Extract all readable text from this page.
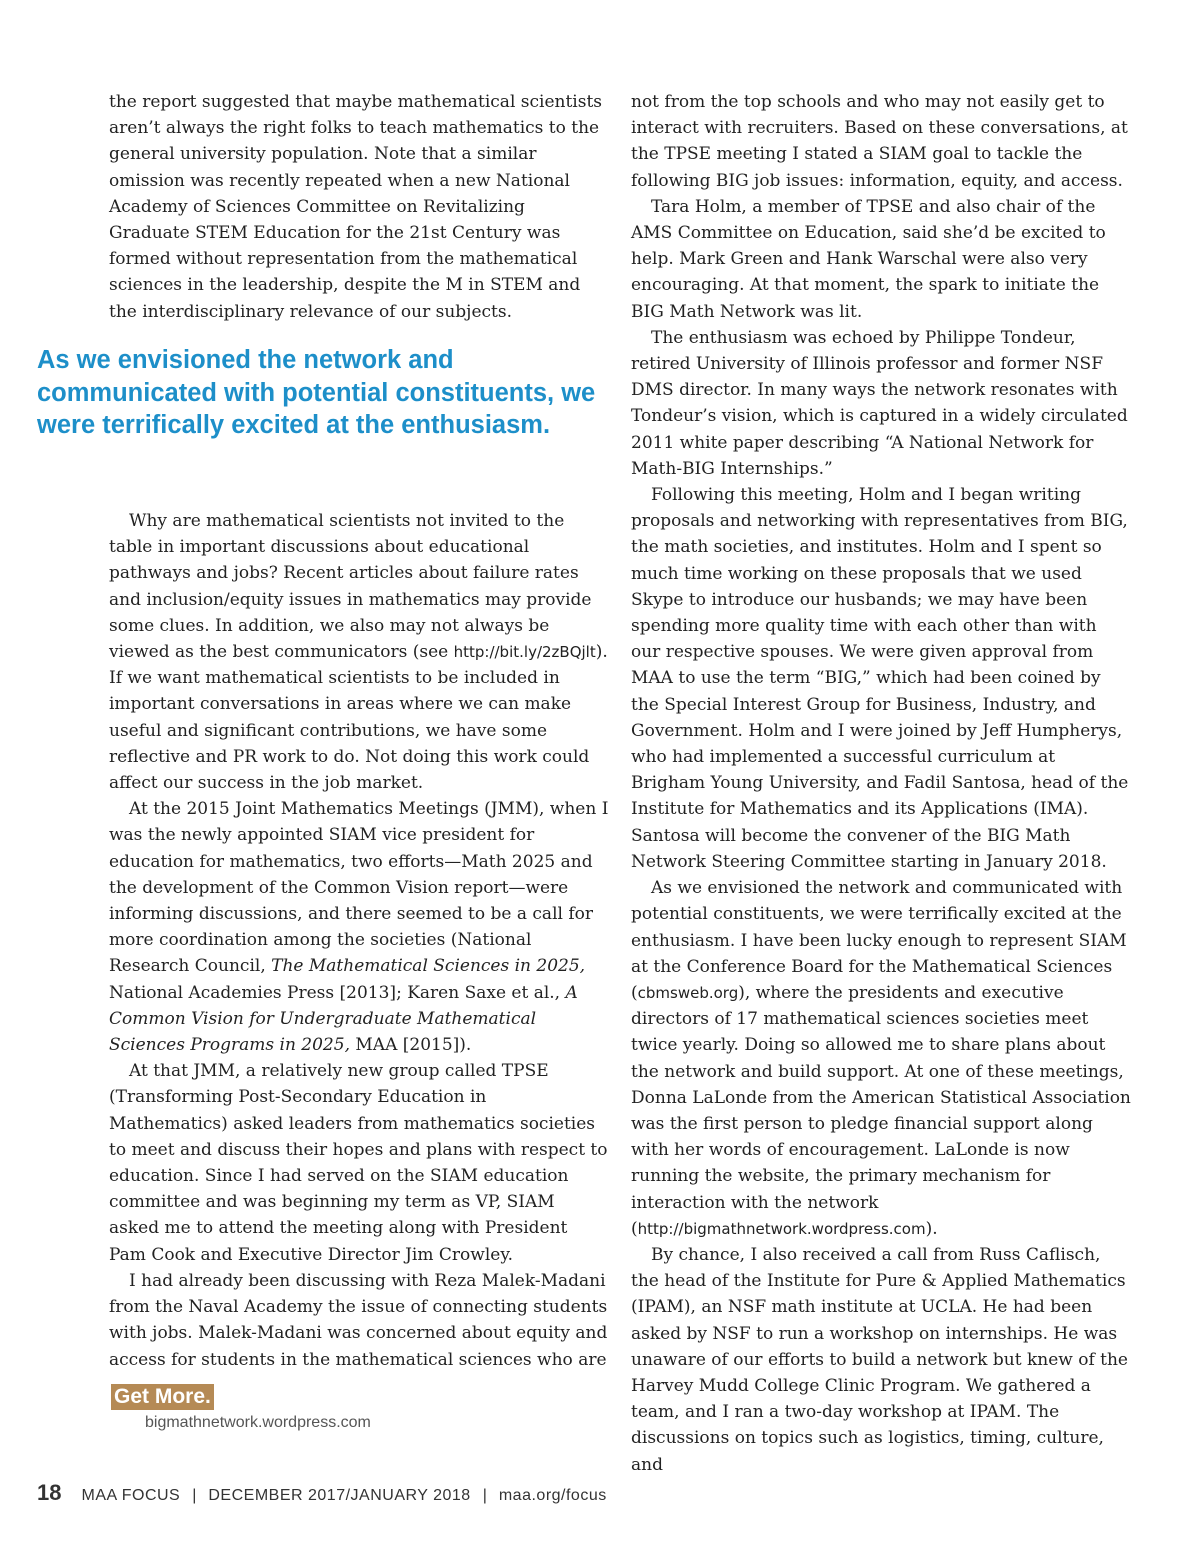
the report suggested that maybe mathematical scientists aren’t always the right folks to teach mathematics to the general university population. Note that a similar omission was recently repeated when a new National Academy of Sciences Committee on Revitalizing Graduate STEM Education for the 21st Century was formed without representation from the mathematical sciences in the leadership, despite the M in STEM and the interdisciplinary relevance of our subjects.

As we envisioned the network and communicated with potential constituents, we were terrifically excited at the enthusiasm.

Why are mathematical scientists not invited to the table in important discussions about educational pathways and jobs? Recent articles about failure rates and inclusion/equity issues in mathematics may provide some clues. In addition, we also may not always be viewed as the best communicators (see http://bit.ly/2zBQjlt). If we want mathematical scientists to be included in important conversations in areas where we can make useful and significant contributions, we have some reflective and PR work to do. Not doing this work could affect our success in the job market.

At the 2015 Joint Mathematics Meetings (JMM), when I was the newly appointed SIAM vice president for education for mathematics, two efforts—Math 2025 and the development of the Common Vision report—were informing discussions, and there seemed to be a call for more coordination among the societies (National Research Council, The Mathematical Sciences in 2025, National Academies Press [2013]; Karen Saxe et al., A Common Vision for Undergraduate Mathematical Sciences Programs in 2025, MAA [2015]).

At that JMM, a relatively new group called TPSE (Transforming Post-Secondary Education in Mathematics) asked leaders from mathematics societies to meet and discuss their hopes and plans with respect to education. Since I had served on the SIAM education committee and was beginning my term as VP, SIAM asked me to attend the meeting along with President Pam Cook and Executive Director Jim Crowley.

I had already been discussing with Reza Malek-Madani from the Naval Academy the issue of connecting students with jobs. Malek-Madani was concerned about equity and access for students in the mathematical sciences who are

not from the top schools and who may not easily get to interact with recruiters. Based on these conversations, at the TPSE meeting I stated a SIAM goal to tackle the following BIG job issues: information, equity, and access.

Tara Holm, a member of TPSE and also chair of the AMS Committee on Education, said she’d be excited to help. Mark Green and Hank Warschal were also very encouraging. At that moment, the spark to initiate the BIG Math Network was lit.

The enthusiasm was echoed by Philippe Tondeur, retired University of Illinois professor and former NSF DMS director. In many ways the network resonates with Tondeur’s vision, which is captured in a widely circulated 2011 white paper describing “A National Network for Math-BIG Internships.”

Following this meeting, Holm and I began writing proposals and networking with representatives from BIG, the math societies, and institutes. Holm and I spent so much time working on these proposals that we used Skype to introduce our husbands; we may have been spending more quality time with each other than with our respective spouses. We were given approval from MAA to use the term “BIG,” which had been coined by the Special Interest Group for Business, Industry, and Government. Holm and I were joined by Jeff Humpherys, who had implemented a successful curriculum at Brigham Young University, and Fadil Santosa, head of the Institute for Mathematics and its Applications (IMA). Santosa will become the convener of the BIG Math Network Steering Committee starting in January 2018.

As we envisioned the network and communicated with potential constituents, we were terrifically excited at the enthusiasm. I have been lucky enough to represent SIAM at the Conference Board for the Mathematical Sciences (cbmsweb.org), where the presidents and executive directors of 17 mathematical sciences societies meet twice yearly. Doing so allowed me to share plans about the network and build support. At one of these meetings, Donna LaLonde from the American Statistical Association was the first person to pledge financial support along with her words of encouragement. LaLonde is now running the website, the primary mechanism for interaction with the network (http://bigmathnetwork.wordpress.com).

By chance, I also received a call from Russ Caflisch, the head of the Institute for Pure & Applied Mathematics (IPAM), an NSF math institute at UCLA. He had been asked by NSF to run a workshop on internships. He was unaware of our efforts to build a network but knew of the Harvey Mudd College Clinic Program. We gathered a team, and I ran a two-day workshop at IPAM. The discussions on topics such as logistics, timing, culture, and

Get More.
bigmathnetwork.wordpress.com
18 MAA FOCUS | DECEMBER 2017/JANUARY 2018 | maa.org/focus
